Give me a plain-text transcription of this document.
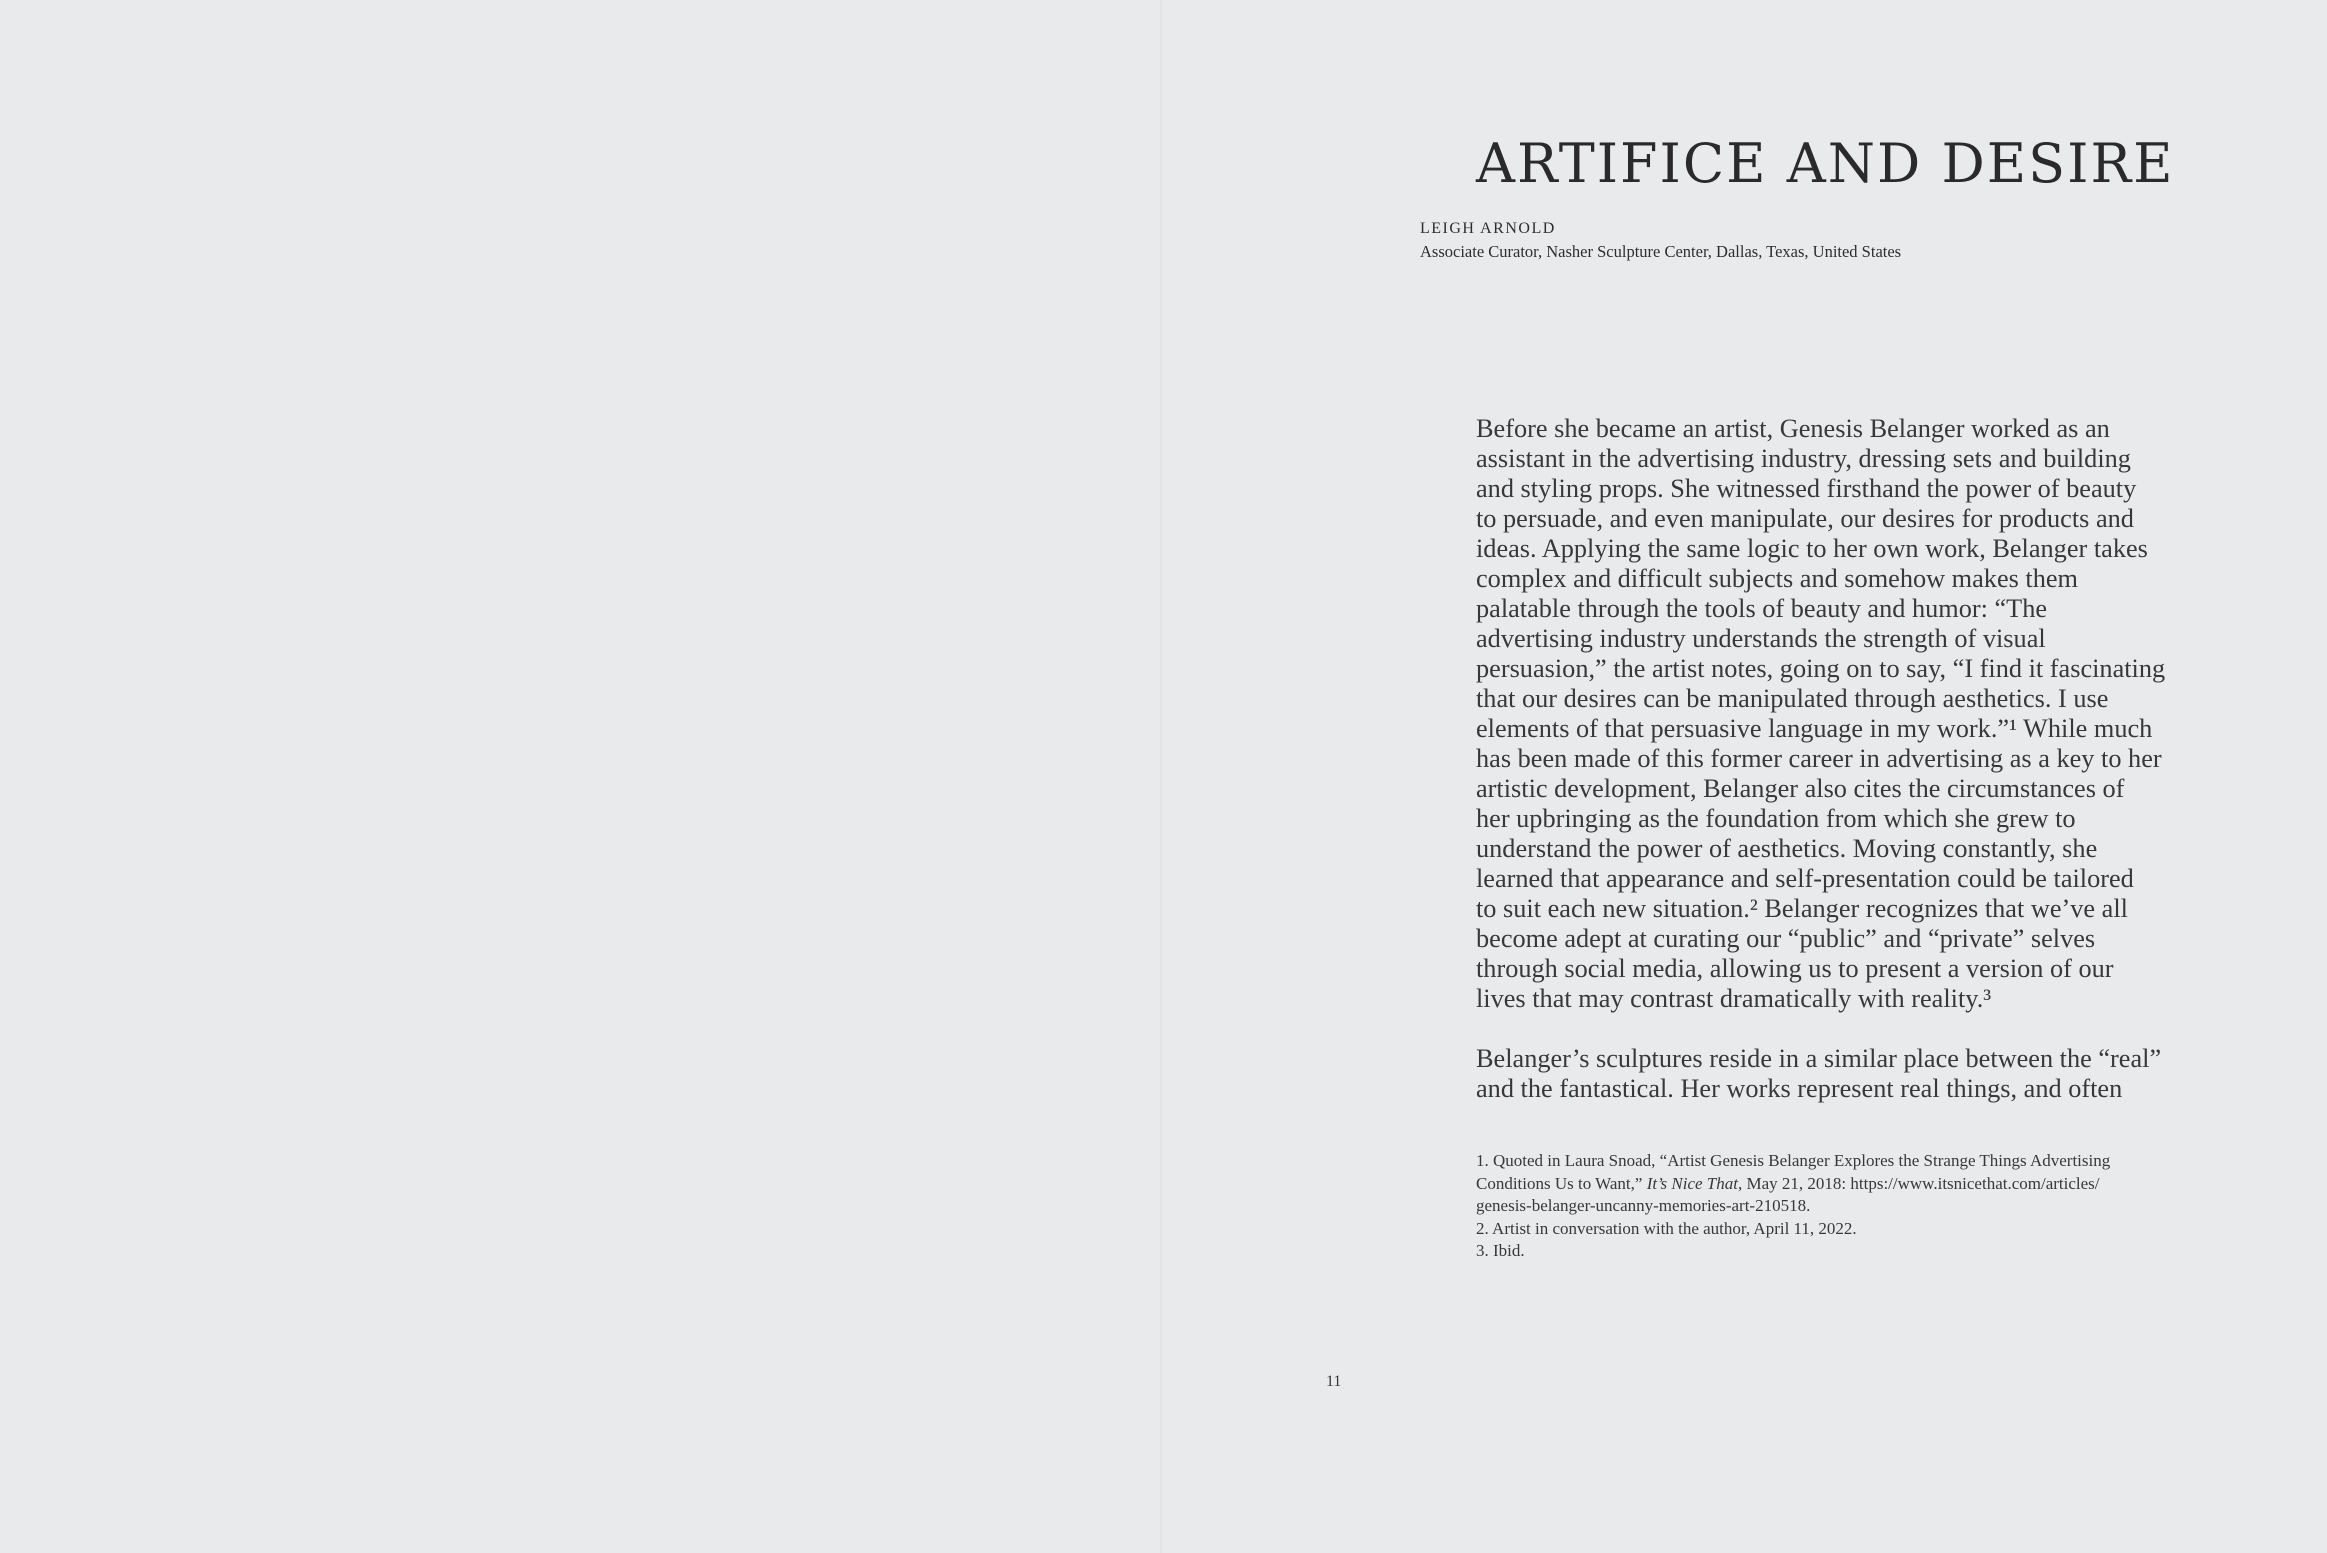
ARTIFICE AND DESIRE
LEIGH ARNOLD
Associate Curator, Nasher Sculpture Center, Dallas, Texas, United States

Before she became an artist, Genesis Belanger worked as an
assistant in the advertising industry, dressing sets and building
and styling props. She witnessed firsthand the power of beauty
to persuade, and even manipulate, our desires for products and
ideas. Applying the same logic to her own work, Belanger takes
complex and difficult subjects and somehow makes them
palatable through the tools of beauty and humor: “The
advertising industry understands the strength of visual
persuasion,” the artist notes, going on to say, “I find it fascinating
that our desires can be manipulated through aesthetics. I use
elements of that persuasive language in my work.”¹ While much
has been made of this former career in advertising as a key to her
artistic development, Belanger also cites the circumstances of
her upbringing as the foundation from which she grew to
understand the power of aesthetics. Moving constantly, she
learned that appearance and self-presentation could be tailored
to suit each new situation.² Belanger recognizes that we’ve all
become adept at curating our “public” and “private” selves
through social media, allowing us to present a version of our
lives that may contrast dramatically with reality.³

Belanger’s sculptures reside in a similar place between the “real”
and the fantastical. Her works represent real things, and often

1. Quoted in Laura Snoad, “Artist Genesis Belanger Explores the Strange Things Advertising
Conditions Us to Want,” It’s Nice That, May 21, 2018: https://www.itsnicethat.com/articles/
genesis-belanger-uncanny-memories-art-210518.
2. Artist in conversation with the author, April 11, 2022.
3. Ibid.
11
